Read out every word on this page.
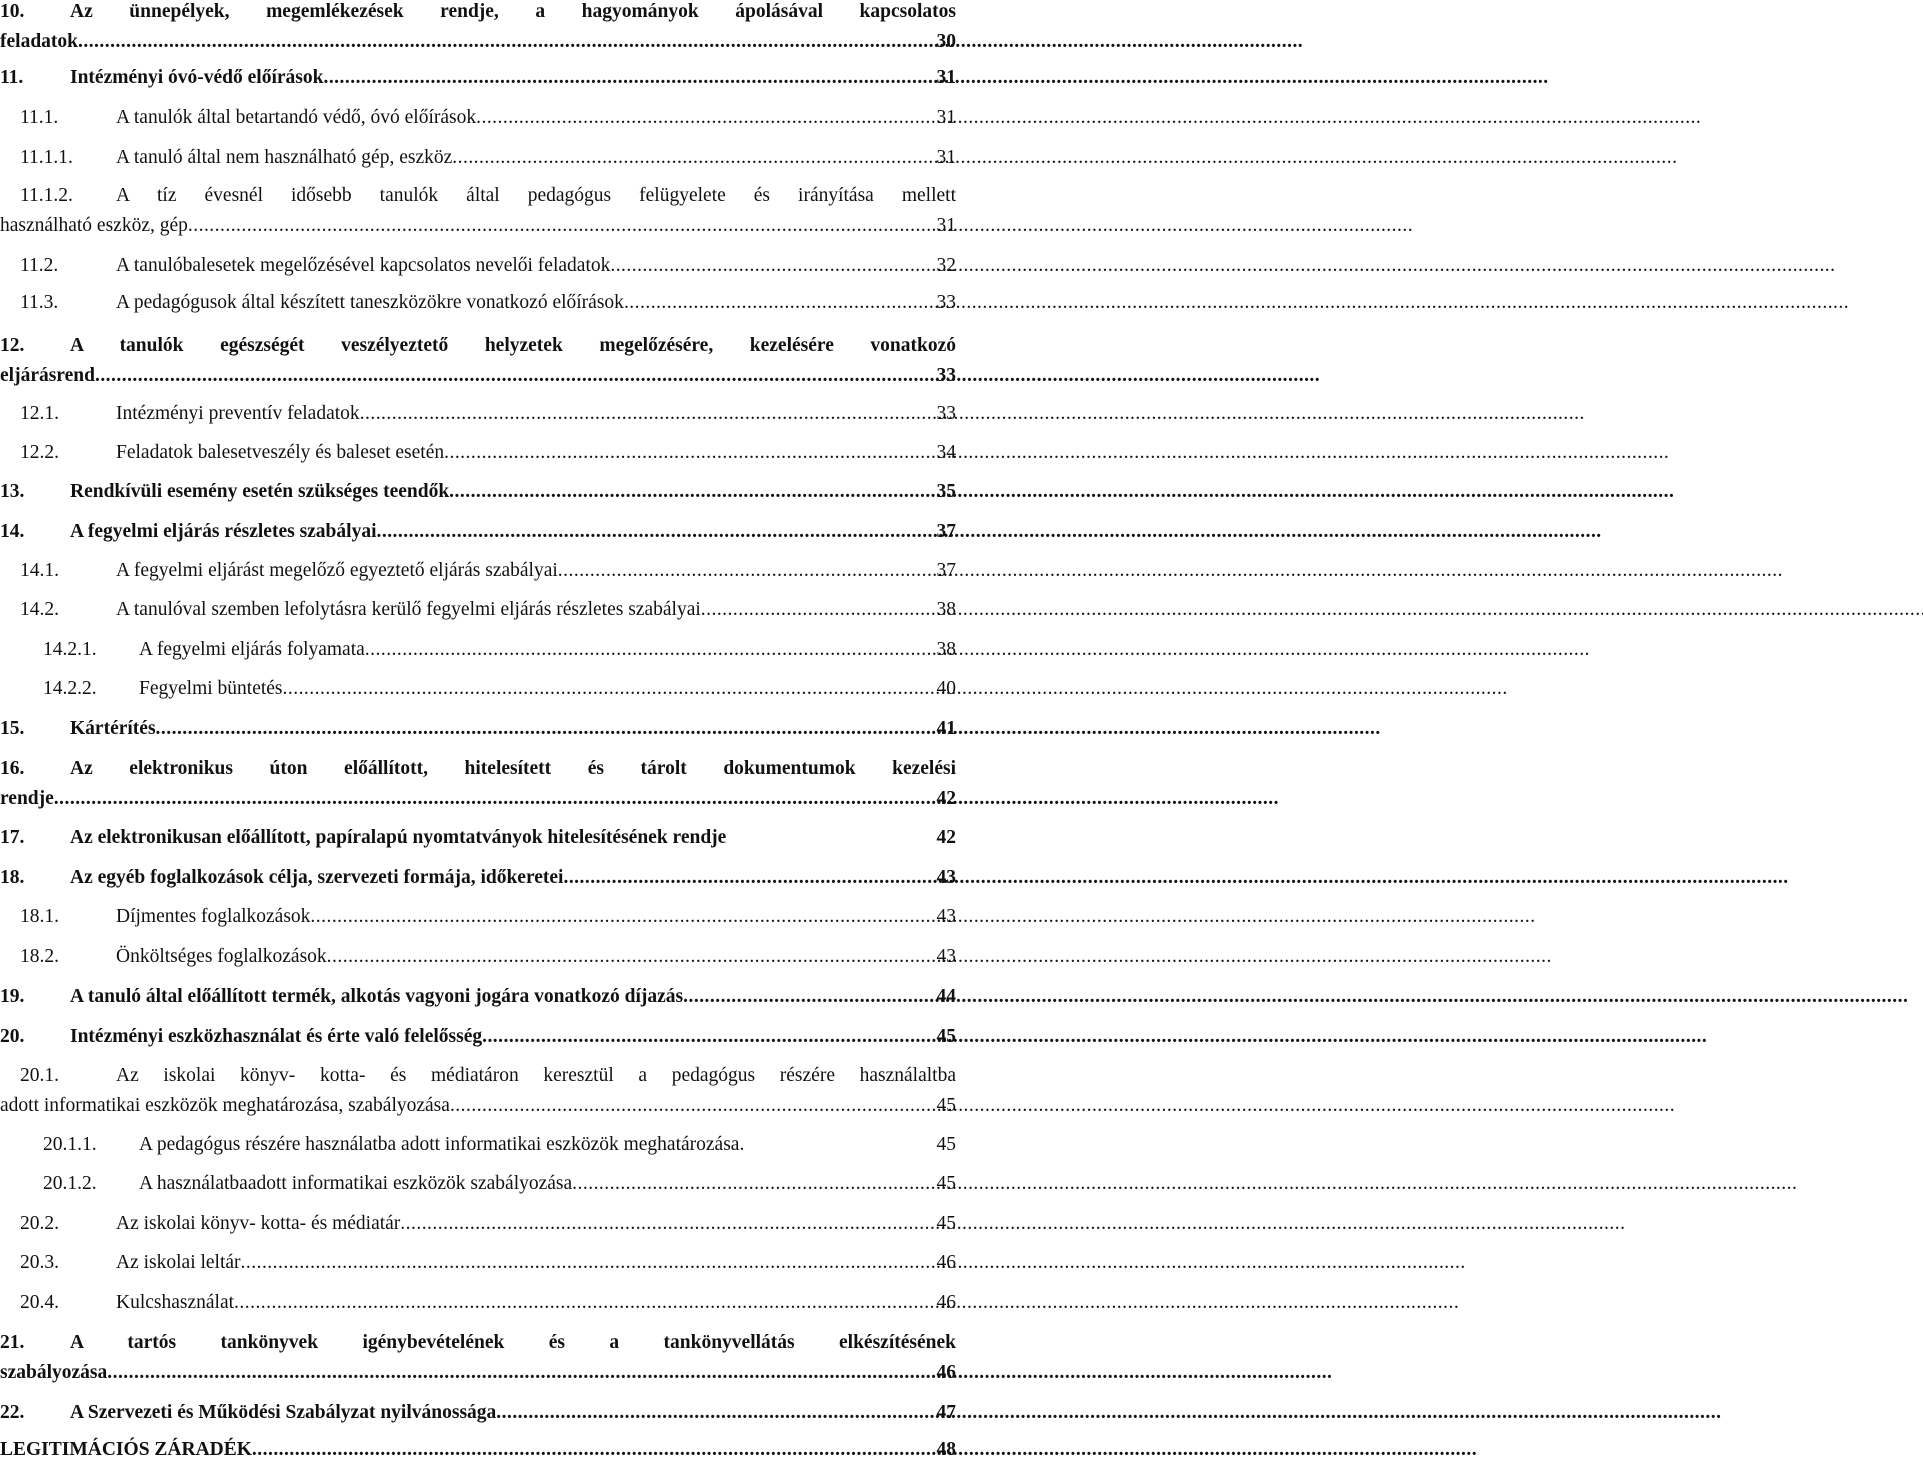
10.	Az ünnepélyek, megemlékezések rendje, a hagyományok ápolásával kapcsolatos
feladatok . . .	30
11.	Intézményi óvó-védő előírások . . .	31
11.1.	A tanulók által betartandó védő, óvó előírások . . .	31
11.1.1.	A tanuló által nem használható gép, eszköz . . .	31
11.1.2.	A tíz évesnél idősebb tanulók által pedagógus felügyelete és irányítása mellett
használható eszköz, gép . . .	31
11.2.	A tanulóbalesetek megelőzésével kapcsolatos nevelői feladatok . . .	32
11.3.	A pedagógusok által készített taneszközökre vonatkozó előírások . . .	33
12.	A tanulók egészségét veszélyeztető helyzetek megelőzésére, kezelésére vonatkozó
eljárásrend . . .	33
12.1.	Intézményi preventív feladatok . . .	33
12.2.	Feladatok balesetveszély és baleset esetén . . .	34
13.	Rendkívüli esemény esetén szükséges teendők . . .	35
14.	A fegyelmi eljárás részletes szabályai . . .	37
14.1.	A fegyelmi eljárást megelőző egyeztető eljárás szabályai . . .	37
14.2.	A tanulóval szemben lefolytásra kerülő fegyelmi eljárás részletes szabályai . . .	38
14.2.1.	A fegyelmi eljárás folyamata . . .	38
14.2.2.	Fegyelmi büntetés . . .	40
15.	Kártérítés . . .	41
16.	Az elektronikus úton előállított, hitelesített és tárolt dokumentumok kezelési
rendje . . .	42
17.	Az elektronikusan előállított, papíralapú nyomtatványok hitelesítésének rendje	42
18.	Az egyéb foglalkozások célja, szervezeti formája, időkeretei . . .	43
18.1.	Díjmentes foglalkozások . . .	43
18.2.	Önköltséges foglalkozások . . .	43
19.	A tanuló által előállított termék, alkotás vagyoni jogára vonatkozó díjazás . . .	44
20.	Intézményi eszközhasználat és érte való felelősség . . .	45
20.1.	Az iskolai könyv- kotta- és médiatáron keresztül a pedagógus részére használaltba
adott informatikai eszközök meghatározása, szabályozása . . .	45
20.1.1.	A pedagógus részére használatba adott informatikai eszközök meghatározása.	45
20.1.2.	A használatbaadott informatikai eszközök szabályozása . . .	45
20.2.	Az iskolai könyv- kotta- és médiatár . . .	45
20.3.	Az iskolai leltár . . .	46
20.4.	Kulcshasználat . . .	46
21.	A tartós tankönyvek igénybevételének és a tankönyvellátás elkészítésének
szabályozása . . .	46
22.	A Szervezeti és Működési Szabályzat nyilvánossága . . .	47
LEGITIMÁCIÓS ZÁRADÉK . . .	48
